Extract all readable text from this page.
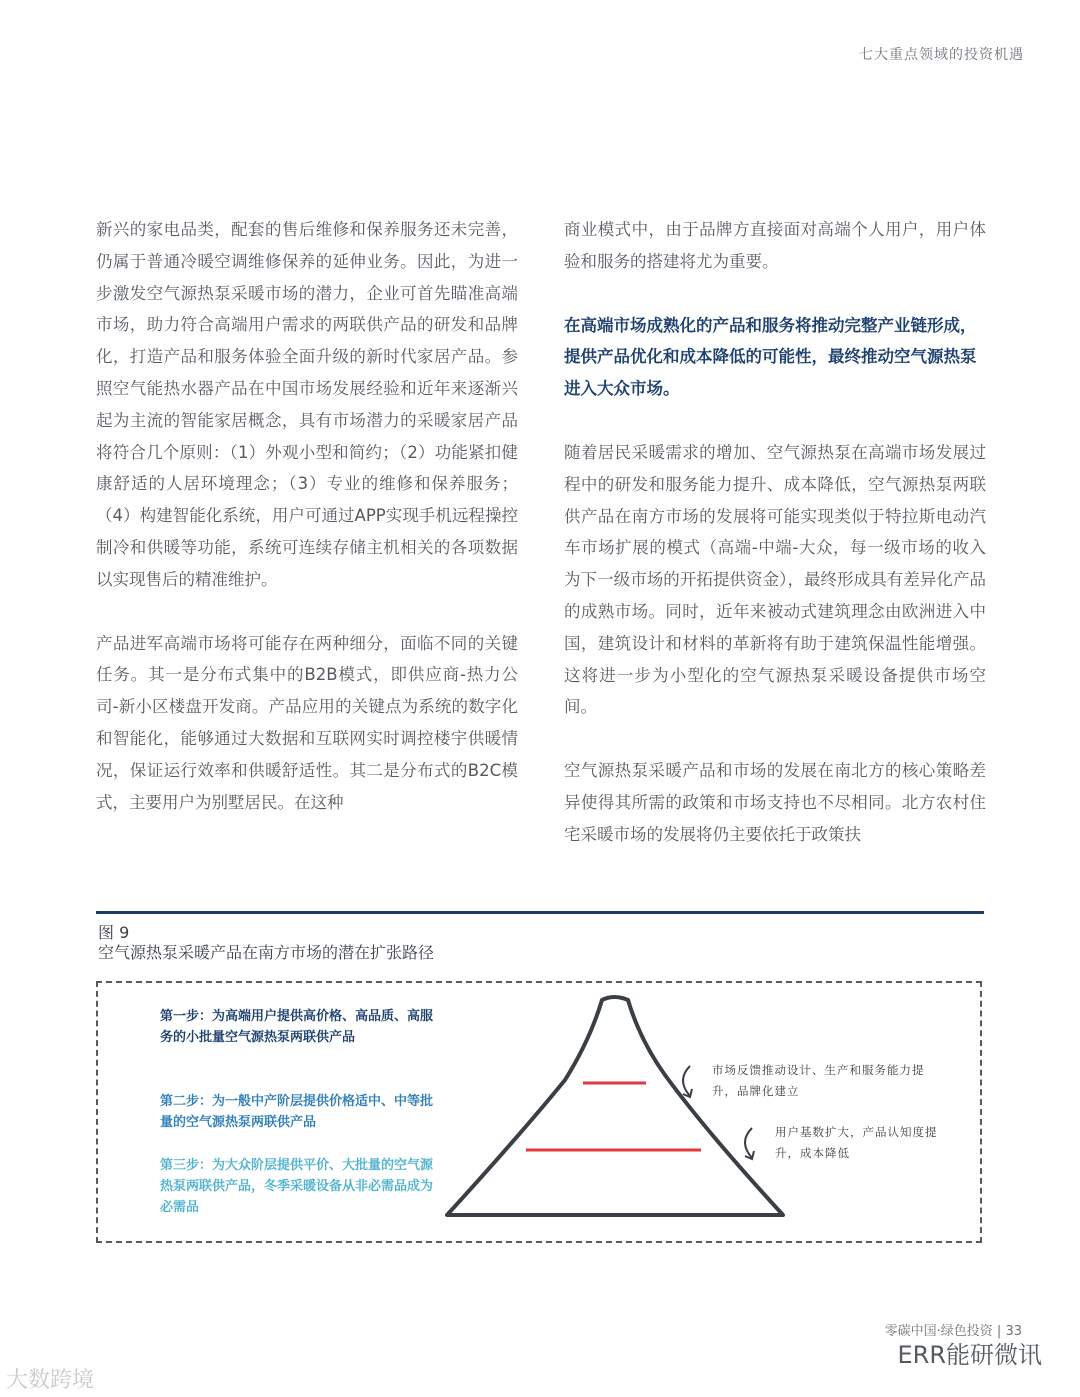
七大重点领域的投资机遇

新兴的家电品类，配套的售后维修和保养服务还未完善，仍属于普通冷暖空调维修保养的延伸业务。因此，为进一步激发空气源热泵采暖市场的潜力，企业可首先瞄准高端市场，助力符合高端用户需求的两联供产品的研发和品牌化，打造产品和服务体验全面升级的新时代家居产品。参照空气能热水器产品在中国市场发展经验和近年来逐渐兴起为主流的智能家居概念，具有市场潜力的采暖家居产品将符合几个原则：（1）外观小型和简约；（2）功能紧扣健康舒适的人居环境理念；（3）专业的维修和保养服务；（4）构建智能化系统，用户可通过APP实现手机远程操控制冷和供暖等功能，系统可连续存储主机相关的各项数据以实现售后的精准维护。

产品进军高端市场将可能存在两种细分，面临不同的关键任务。其一是分布式集中的B2B模式，即供应商-热力公司-新小区楼盘开发商。产品应用的关键点为系统的数字化和智能化，能够通过大数据和互联网实时调控楼宇供暖情况，保证运行效率和供暖舒适性。其二是分布式的B2C模式，主要用户为别墅居民。在这种

商业模式中，由于品牌方直接面对高端个人用户，用户体验和服务的搭建将尤为重要。

在高端市场成熟化的产品和服务将推动完整产业链形成，提供产品优化和成本降低的可能性，最终推动空气源热泵进入大众市场。

随着居民采暖需求的增加、空气源热泵在高端市场发展过程中的研发和服务能力提升、成本降低，空气源热泵两联供产品在南方市场的发展将可能实现类似于特拉斯电动汽车市场扩展的模式（高端-中端-大众，每一级市场的收入为下一级市场的开拓提供资金），最终形成具有差异化产品的成熟市场。同时，近年来被动式建筑理念由欧洲进入中国，建筑设计和材料的革新将有助于建筑保温性能增强。这将进一步为小型化的空气源热泵采暖设备提供市场空间。

空气源热泵采暖产品和市场的发展在南北方的核心策略差异使得其所需的政策和市场支持也不尽相同。北方农村住宅采暖市场的发展将仍主要依托于政策扶

图 9
空气源热泵采暖产品在南方市场的潜在扩张路径
第一步：为高端用户提供高价格、高品质、高服务的小批量空气源热泵两联供产品
第二步：为一般中产阶层提供价格适中、中等批量的空气源热泵两联供产品
第三步：为大众阶层提供平价、大批量的空气源热泵两联供产品，冬季采暖设备从非必需品成为必需品
市场反馈推动设计、生产和服务能力提升，品牌化建立
用户基数扩大，产品认知度提升，成本降低
零碳中国·绿色投资 | 33
ERR能研微讯
大数跨境
